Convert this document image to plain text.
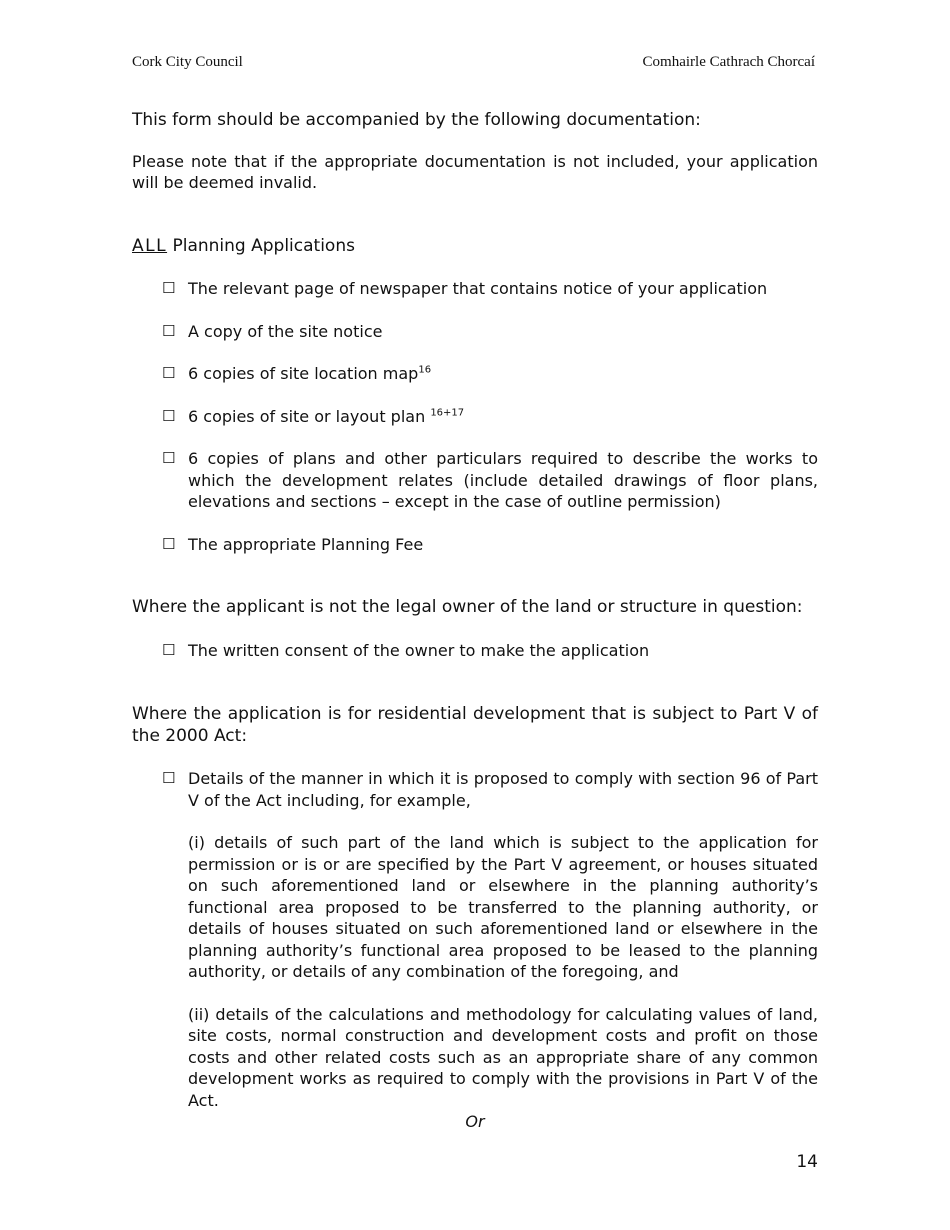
Cork City Council	Comhairle Cathrach Chorcaí

This form should be accompanied by the following documentation:

Please note that if the appropriate documentation is not included, your application will be deemed invalid.

ALL Planning Applications

☐ The relevant page of newspaper that contains notice of your application
☐ A copy of the site notice
☐ 6 copies of site location map$^{16}$
☐ 6 copies of site or layout plan $^{16+17}$
☐ 6 copies of plans and other particulars required to describe the works to which the development relates (include detailed drawings of floor plans, elevations and sections – except in the case of outline permission)
☐ The appropriate Planning Fee

Where the applicant is not the legal owner of the land or structure in question:

☐ The written consent of the owner to make the application

Where the application is for residential development that is subject to Part V of the 2000 Act:

☐ Details of the manner in which it is proposed to comply with section 96 of Part V of the Act including, for example,

(i) details of such part of the land which is subject to the application for permission or is or are specified by the Part V agreement, or houses situated on such aforementioned land or elsewhere in the planning authority’s functional area proposed to be transferred to the planning authority, or details of houses situated on such aforementioned land or elsewhere in the planning authority’s functional area proposed to be leased to the planning authority, or details of any combination of the foregoing, and

(ii) details of the calculations and methodology for calculating values of land, site costs, normal construction and development costs and profit on those costs and other related costs such as an appropriate share of any common development works as required to comply with the provisions in Part V of the Act.

Or

14
